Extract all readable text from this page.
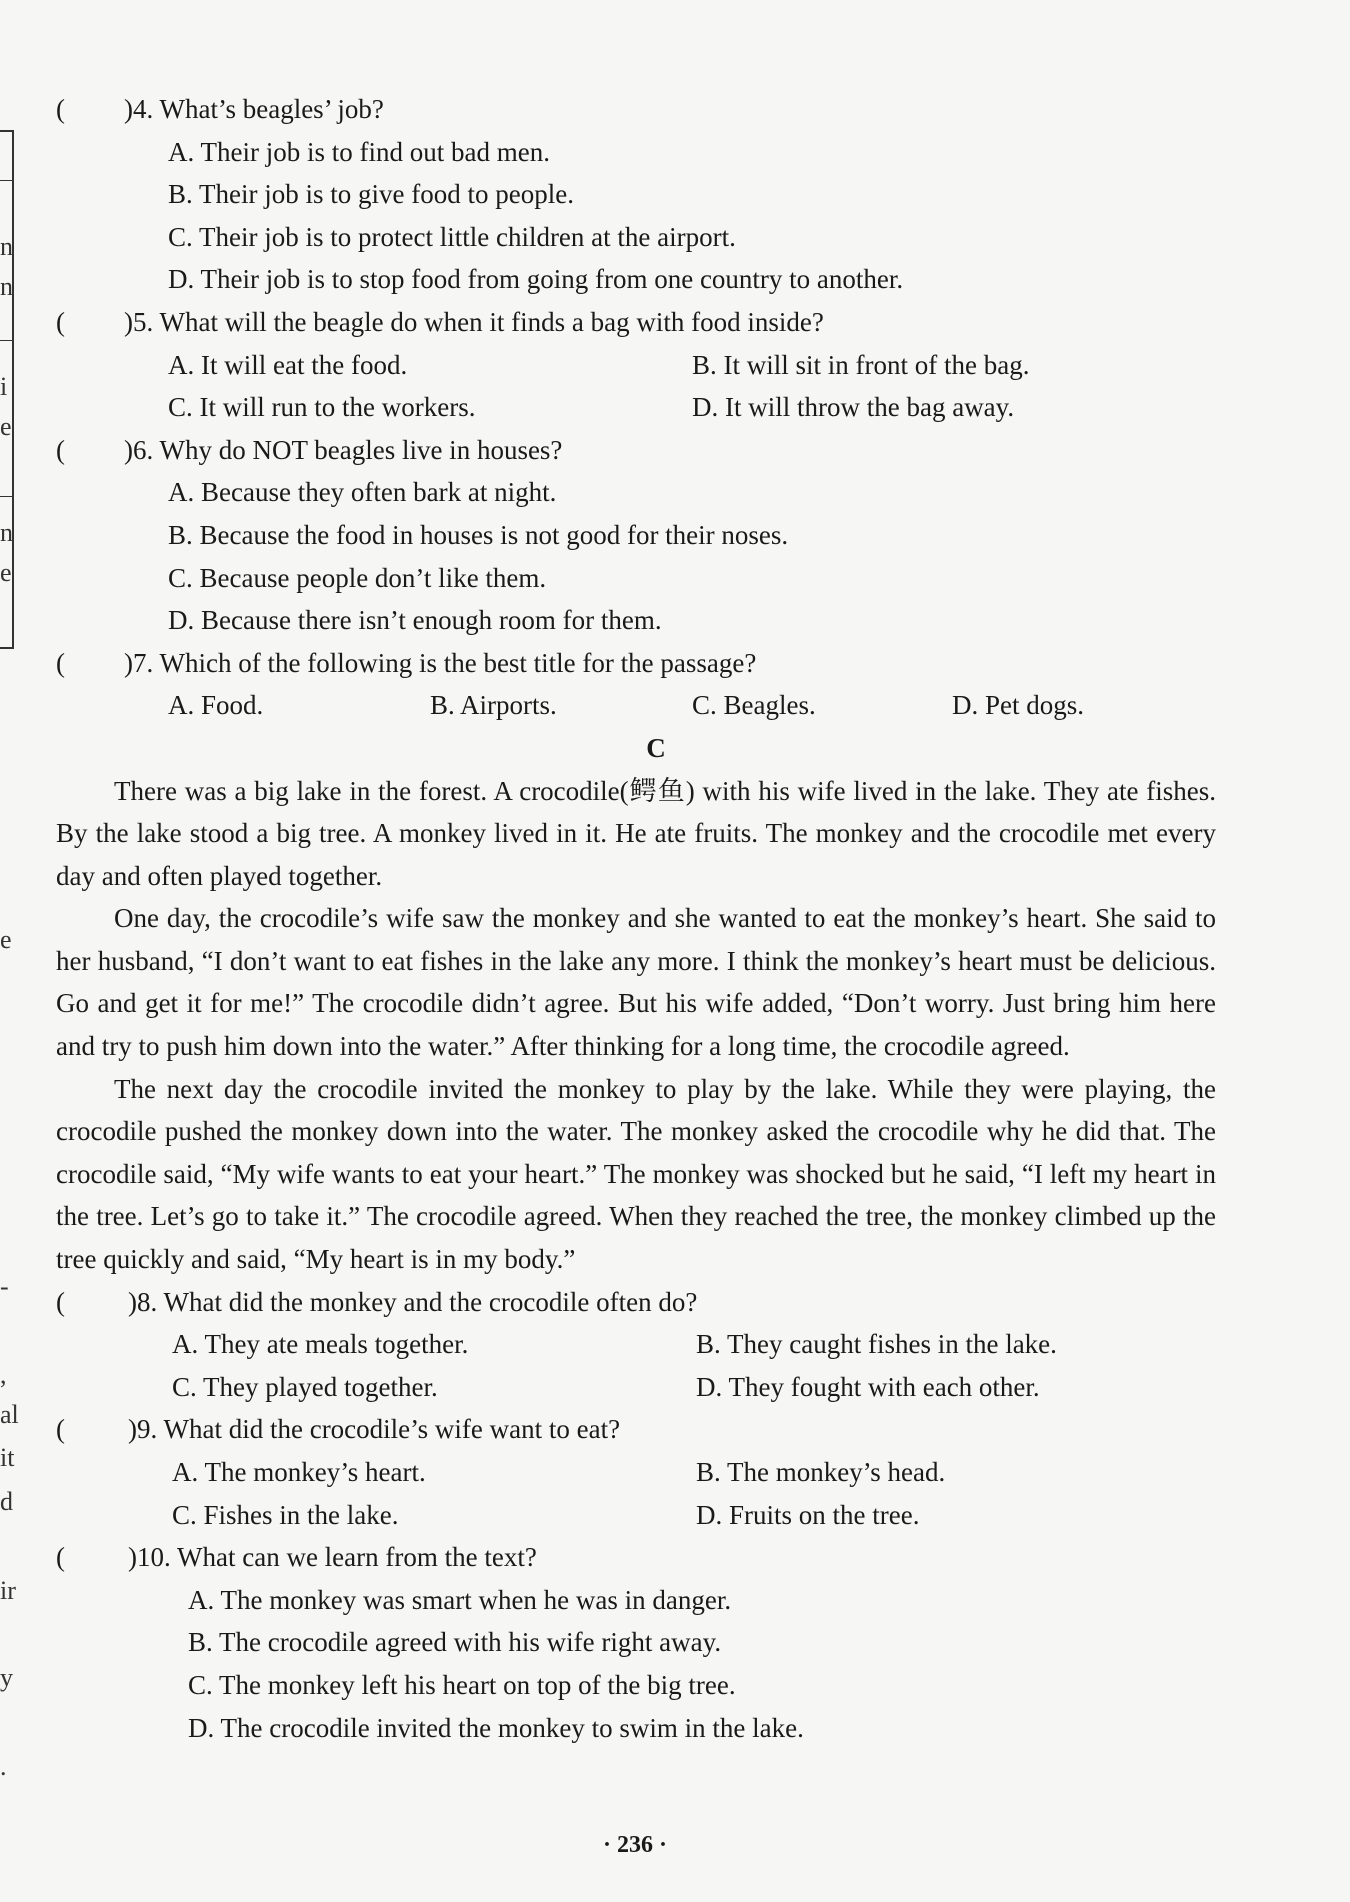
n
n
i
e
n
e
e
-
,
al
it
d
ir
y
.
( )4. What’s beagles’ job?
A. Their job is to find out bad men.
B. Their job is to give food to people.
C. Their job is to protect little children at the airport.
D. Their job is to stop food from going from one country to another.
( )5. What will the beagle do when it finds a bag with food inside?
A. It will eat the food.	B. It will sit in front of the bag.
C. It will run to the workers.	D. It will throw the bag away.
( )6. Why do NOT beagles live in houses?
A. Because they often bark at night.
B. Because the food in houses is not good for their noses.
C. Because people don’t like them.
D. Because there isn’t enough room for them.
( )7. Which of the following is the best title for the passage?
A. Food.	B. Airports.	C. Beagles.	D. Pet dogs.
C

There was a big lake in the forest. A crocodile(鳄鱼) with his wife lived in the lake. They ate fishes. By the lake stood a big tree. A monkey lived in it. He ate fruits. The monkey and the crocodile met every day and often played together.

One day, the crocodile’s wife saw the monkey and she wanted to eat the monkey’s heart. She said to her husband, “I don’t want to eat fishes in the lake any more. I think the monkey’s heart must be delicious. Go and get it for me!” The crocodile didn’t agree. But his wife added, “Don’t worry. Just bring him here and try to push him down into the water.” After thinking for a long time, the crocodile agreed.

The next day the crocodile invited the monkey to play by the lake. While they were playing, the crocodile pushed the monkey down into the water. The monkey asked the crocodile why he did that. The crocodile said, “My wife wants to eat your heart.” The monkey was shocked but he said, “I left my heart in the tree. Let’s go to take it.” The crocodile agreed. When they reached the tree, the monkey climbed up the tree quickly and said, “My heart is in my body.”

( )8. What did the monkey and the crocodile often do?
A. They ate meals together.	B. They caught fishes in the lake.
C. They played together.	D. They fought with each other.
( )9. What did the crocodile’s wife want to eat?
A. The monkey’s heart.	B. The monkey’s head.
C. Fishes in the lake.	D. Fruits on the tree.
( )10. What can we learn from the text?
A. The monkey was smart when he was in danger.
B. The crocodile agreed with his wife right away.
C. The monkey left his heart on top of the big tree.
D. The crocodile invited the monkey to swim in the lake.
· 236 ·
